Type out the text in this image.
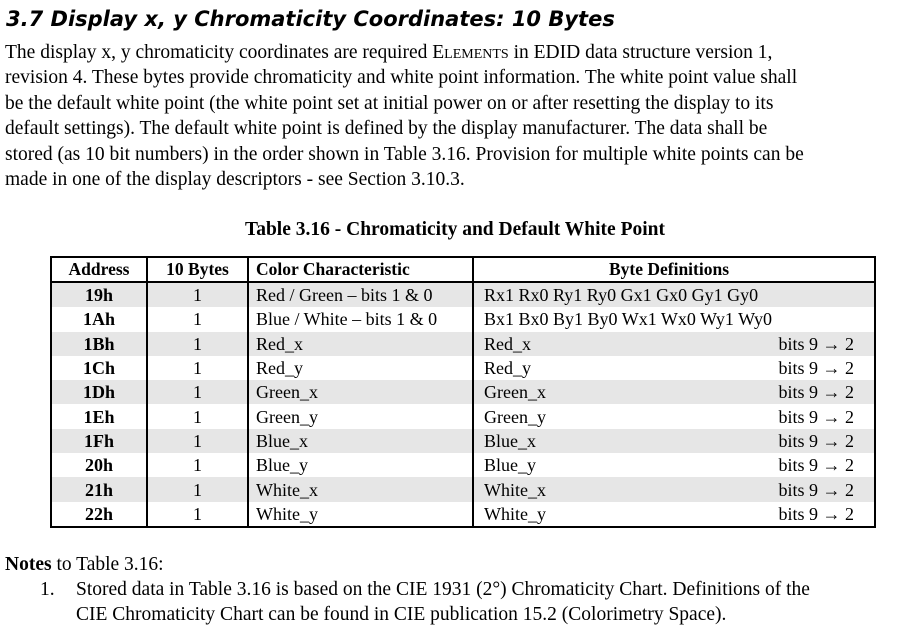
3.7 Display x, y Chromaticity Coordinates: 10 Bytes
The display x, y chromaticity coordinates are required Elements in EDID data structure version 1,
revision 4. These bytes provide chromaticity and white point information. The white point value shall
be the default white point (the white point set at initial power on or after resetting the display to its
default settings). The default white point is defined by the display manufacturer. The data shall be
stored (as 10 bit numbers) in the order shown in Table 3.16. Provision for multiple white points can be
made in one of the display descriptors - see Section 3.10.3.
Table 3.16 - Chromaticity and Default White Point
Address	10 Bytes	Color Characteristic	Byte Definitions
19h	1	Red / Green – bits 1 & 0	Rx1 Rx0 Ry1 Ry0 Gx1 Gx0 Gy1 Gy0

1Ah	1	Blue / White – bits 1 & 0	Bx1 Bx0 By1 By0 Wx1 Wx0 Wy1 Wy0

1Bh	1	Red_x	Red_x bits 9 → 2

1Ch	1	Red_y	Red_y bits 9 → 2

1Dh	1	Green_x	Green_x bits 9 → 2

1Eh	1	Green_y	Green_y bits 9 → 2

1Fh	1	Blue_x	Blue_x bits 9 → 2

20h	1	Blue_y	Blue_y bits 9 → 2

21h	1	White_x	White_x bits 9 → 2

22h	1	White_y	White_y bits 9 → 2
Notes to Table 3.16:
1. Stored data in Table 3.16 is based on the CIE 1931 (2°) Chromaticity Chart. Definitions of the
CIE Chromaticity Chart can be found in CIE publication 15.2 (Colorimetry Space).
